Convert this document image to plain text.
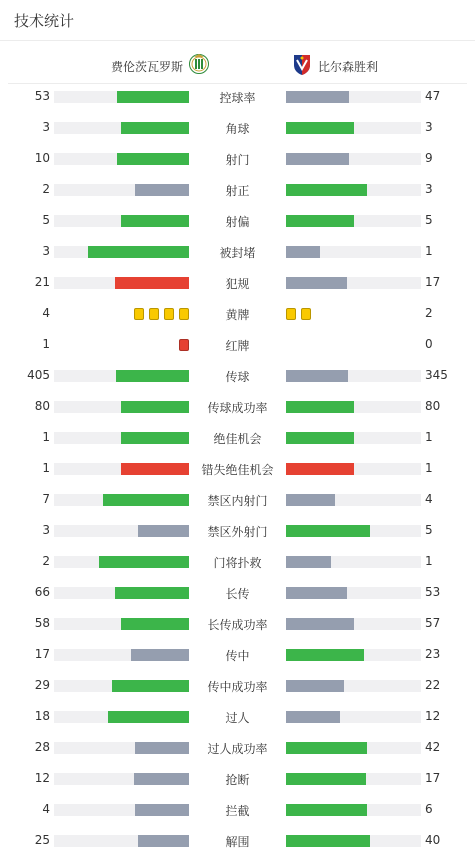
技术统计
费伦茨瓦罗斯	比尔森胜利
53	控球率	47
3	角球	3
10	射门	9
2	射正	3
5	射偏	5
3	被封堵	1
21	犯规	17
4	黄牌	2
1	红牌	0
405	传球	345
80	传球成功率	80
1	绝佳机会	1
1	错失绝佳机会	1
7	禁区内射门	4
3	禁区外射门	5
2	门将扑救	1
66	长传	53
58	长传成功率	57
17	传中	23
29	传中成功率	22
18	过人	12
28	过人成功率	42
12	抢断	17
4	拦截	6
25	解围	40
